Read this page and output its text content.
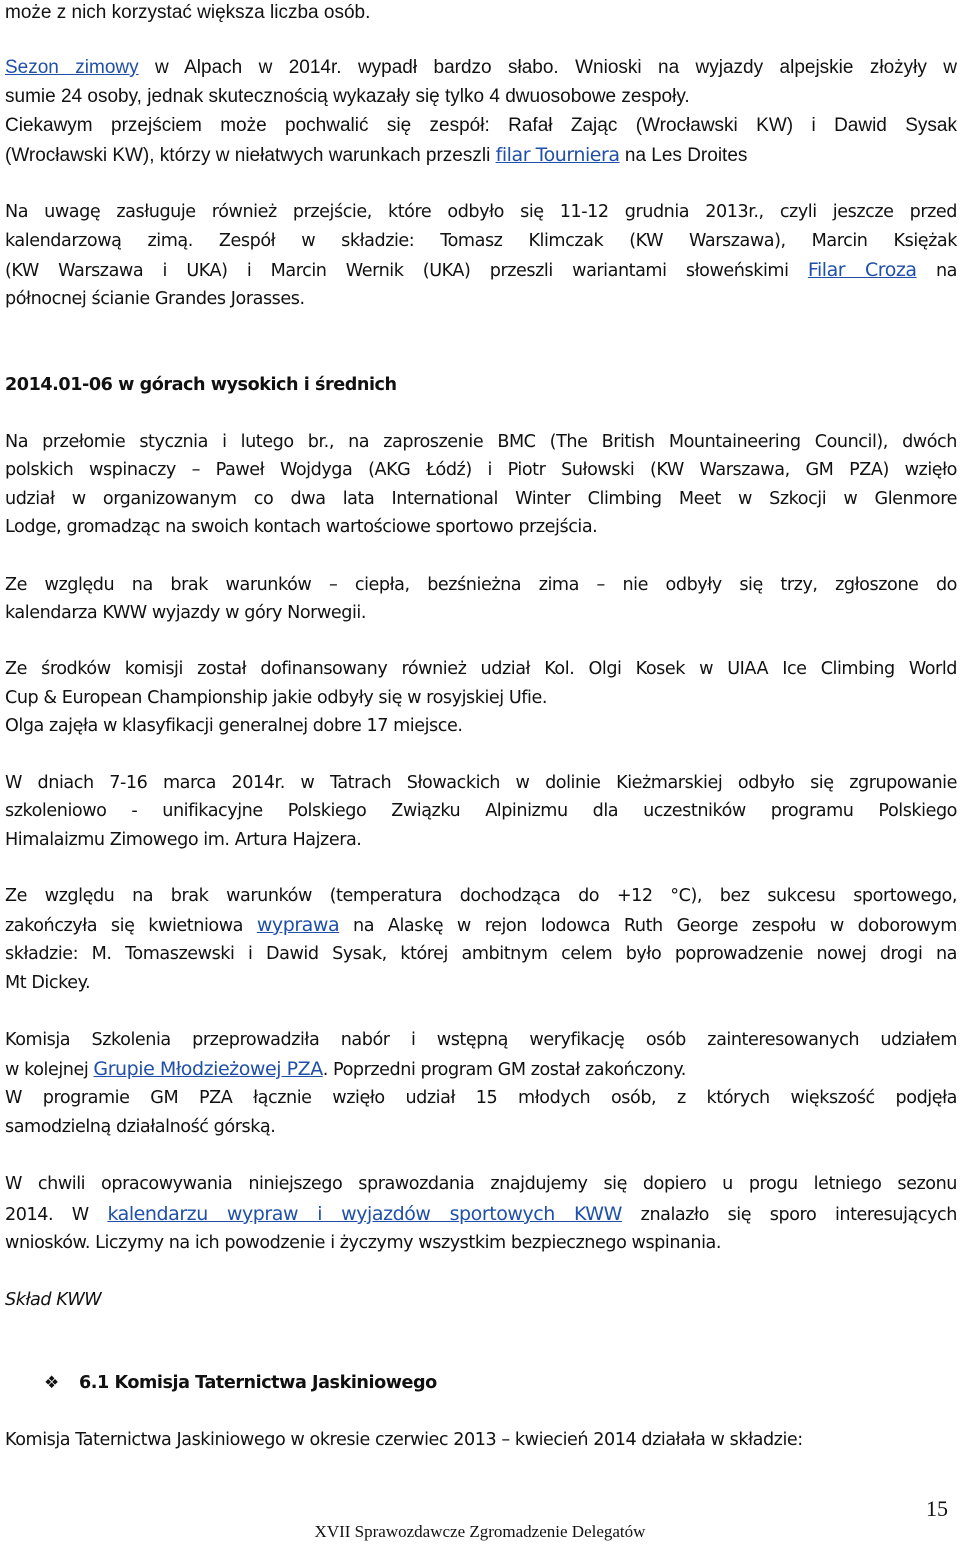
może z nich korzystać większa liczba osób.
Sezon zimowy w Alpach w 2014r. wypadł bardzo słabo. Wnioski na wyjazdy alpejskie złożyły w
sumie 24 osoby, jednak skutecznością wykazały się tylko 4 dwuosobowe zespoły.
Ciekawym przejściem może pochwalić się zespół: Rafał Zając (Wrocławski KW) i Dawid Sysak
(Wrocławski KW), którzy w niełatwych warunkach przeszli filar Tourniera na Les Droites
Na uwagę zasługuje również przejście, które odbyło się 11-12 grudnia 2013r., czyli jeszcze przed
kalendarzową zimą. Zespół w składzie: Tomasz Klimczak (KW Warszawa), Marcin Księżak
(KW Warszawa i UKA) i Marcin Wernik (UKA) przeszli wariantami słoweńskimi Filar Croza na
północnej ścianie Grandes Jorasses.
2014.01-06 w górach wysokich i średnich
Na przełomie stycznia i lutego br., na zaproszenie BMC (The British Mountaineering Council), dwóch
polskich wspinaczy – Paweł Wojdyga (AKG Łódź) i Piotr Sułowski (KW Warszawa, GM PZA) wzięło
udział w organizowanym co dwa lata International Winter Climbing Meet w Szkocji w Glenmore
Lodge, gromadząc na swoich kontach wartościowe sportowo przejścia.
Ze względu na brak warunków – ciepła, bezśnieżna zima – nie odbyły się trzy, zgłoszone do
kalendarza KWW wyjazdy w góry Norwegii.
Ze środków komisji został dofinansowany również udział Kol. Olgi Kosek w UIAA Ice Climbing World
Cup & European Championship jakie odbyły się w rosyjskiej Ufie.
Olga zajęła w klasyfikacji generalnej dobre 17 miejsce.
W dniach 7-16 marca 2014r. w Tatrach Słowackich w dolinie Kieżmarskiej odbyło się zgrupowanie
szkoleniowo - unifikacyjne Polskiego Związku Alpinizmu dla uczestników programu Polskiego
Himalaizmu Zimowego im. Artura Hajzera.
Ze względu na brak warunków (temperatura dochodząca do +12 °C), bez sukcesu sportowego,
zakończyła się kwietniowa wyprawa na Alaskę w rejon lodowca Ruth George zespołu w doborowym
składzie: M. Tomaszewski i Dawid Sysak, której ambitnym celem było poprowadzenie nowej drogi na
Mt Dickey.
Komisja Szkolenia przeprowadziła nabór i wstępną weryfikację osób zainteresowanych udziałem
w kolejnej Grupie Młodzieżowej PZA. Poprzedni program GM został zakończony.
W programie GM PZA łącznie wzięło udział 15 młodych osób, z których większość podjęła
samodzielną działalność górską.
W chwili opracowywania niniejszego sprawozdania znajdujemy się dopiero u progu letniego sezonu
2014. W kalendarzu wypraw i wyjazdów sportowych KWW znalazło się sporo interesujących
wniosków. Liczymy na ich powodzenie i życzymy wszystkim bezpiecznego wspinania.
Skład KWW
❖ 6.1 Komisja Taternictwa Jaskiniowego
Komisja Taternictwa Jaskiniowego w okresie czerwiec 2013 – kwiecień 2014 działała w składzie:
15
XVII Sprawozdawcze Zgromadzenie Delegatów
